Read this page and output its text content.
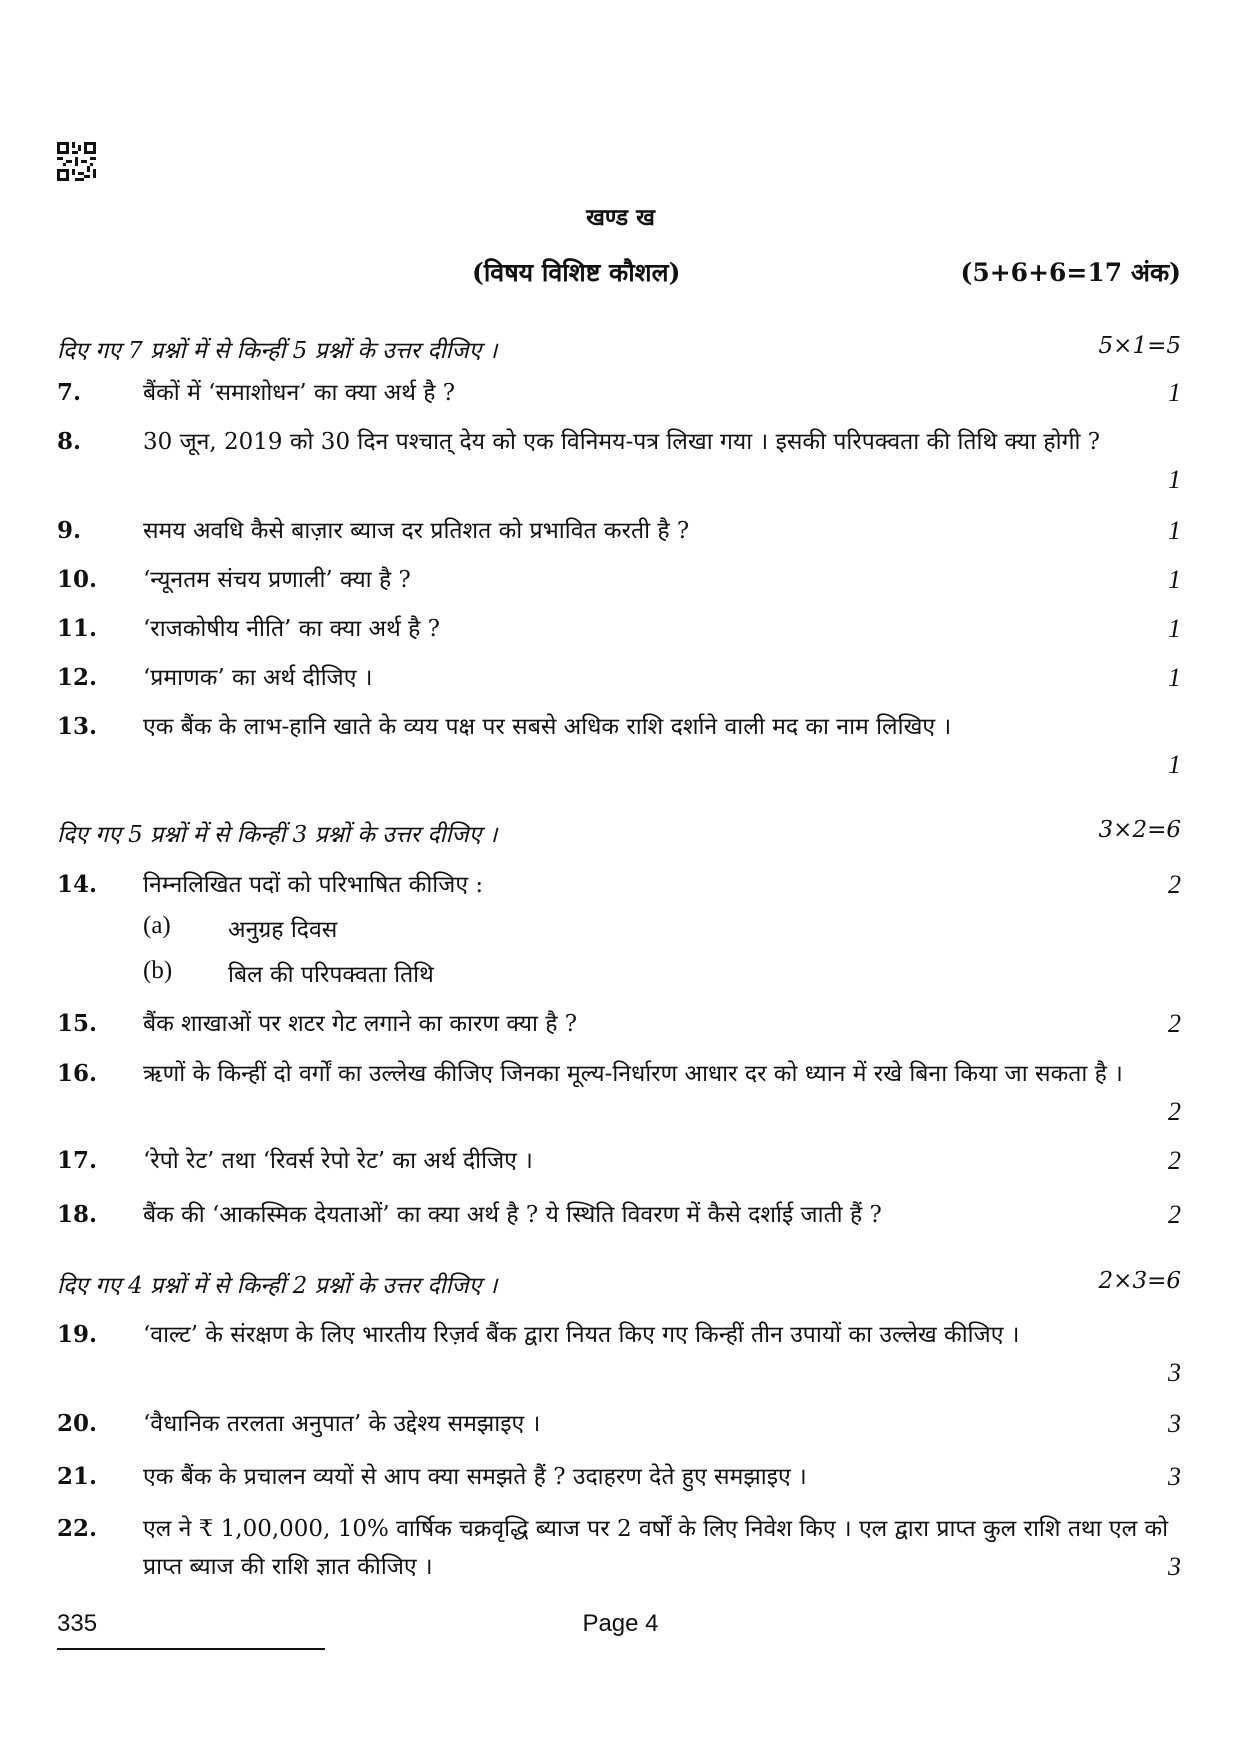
खण्ड ख
(विषय विशिष्ट कौशल)	(5+6+6=17 अंक)
दिए गए 7 प्रश्नों में से किन्हीं 5 प्रश्नों के उत्तर दीजिए ।	5×1=5
7.	बैंकों में ‘समाशोधन’ का क्या अर्थ है ?	1
8.	30 जून, 2019 को 30 दिन पश्चात् देय को एक विनिमय-पत्र लिखा गया । इसकी परिपक्वता की तिथि क्या होगी ?
1
9.	समय अवधि कैसे बाज़ार ब्याज दर प्रतिशत को प्रभावित करती है ?	1
10. ‘न्यूनतम संचय प्रणाली’ क्या है ?	1
11. ‘राजकोषीय नीति’ का क्या अर्थ है ?	1
12. ‘प्रमाणक’ का अर्थ दीजिए ।	1
13. एक बैंक के लाभ-हानि खाते के व्यय पक्ष पर सबसे अधिक राशि दर्शाने वाली मद का नाम लिखिए ।
1
दिए गए 5 प्रश्नों में से किन्हीं 3 प्रश्नों के उत्तर दीजिए ।	3×2=6
14. निम्नलिखित पदों को परिभाषित कीजिए :	2
(a) अनुग्रह दिवस
(b) बिल की परिपक्वता तिथि
15. बैंक शाखाओं पर शटर गेट लगाने का कारण क्या है ?	2
16. ऋणों के किन्हीं दो वर्गों का उल्लेख कीजिए जिनका मूल्य-निर्धारण आधार दर को ध्यान में रखे बिना किया जा सकता है ।
2
17. ‘रेपो रेट’ तथा ‘रिवर्स रेपो रेट’ का अर्थ दीजिए ।	2
18. बैंक की ‘आकस्मिक देयताओं’ का क्या अर्थ है ? ये स्थिति विवरण में कैसे दर्शाई जाती हैं ?	2
दिए गए 4 प्रश्नों में से किन्हीं 2 प्रश्नों के उत्तर दीजिए ।	2×3=6
19. ‘वाल्ट’ के संरक्षण के लिए भारतीय रिज़र्व बैंक द्वारा नियत किए गए किन्हीं तीन उपायों का उल्लेख कीजिए ।
3
20. ‘वैधानिक तरलता अनुपात’ के उद्देश्य समझाइए ।	3
21. एक बैंक के प्रचालन व्ययों से आप क्या समझते हैं ? उदाहरण देते हुए समझाइए ।	3
22. एल ने ₹ 1,00,000, 10% वार्षिक चक्रवृद्धि ब्याज पर 2 वर्षों के लिए निवेश किए । एल द्वारा प्राप्त कुल राशि तथा एल को प्राप्त ब्याज की राशि ज्ञात कीजिए ।	3
335	Page 4
